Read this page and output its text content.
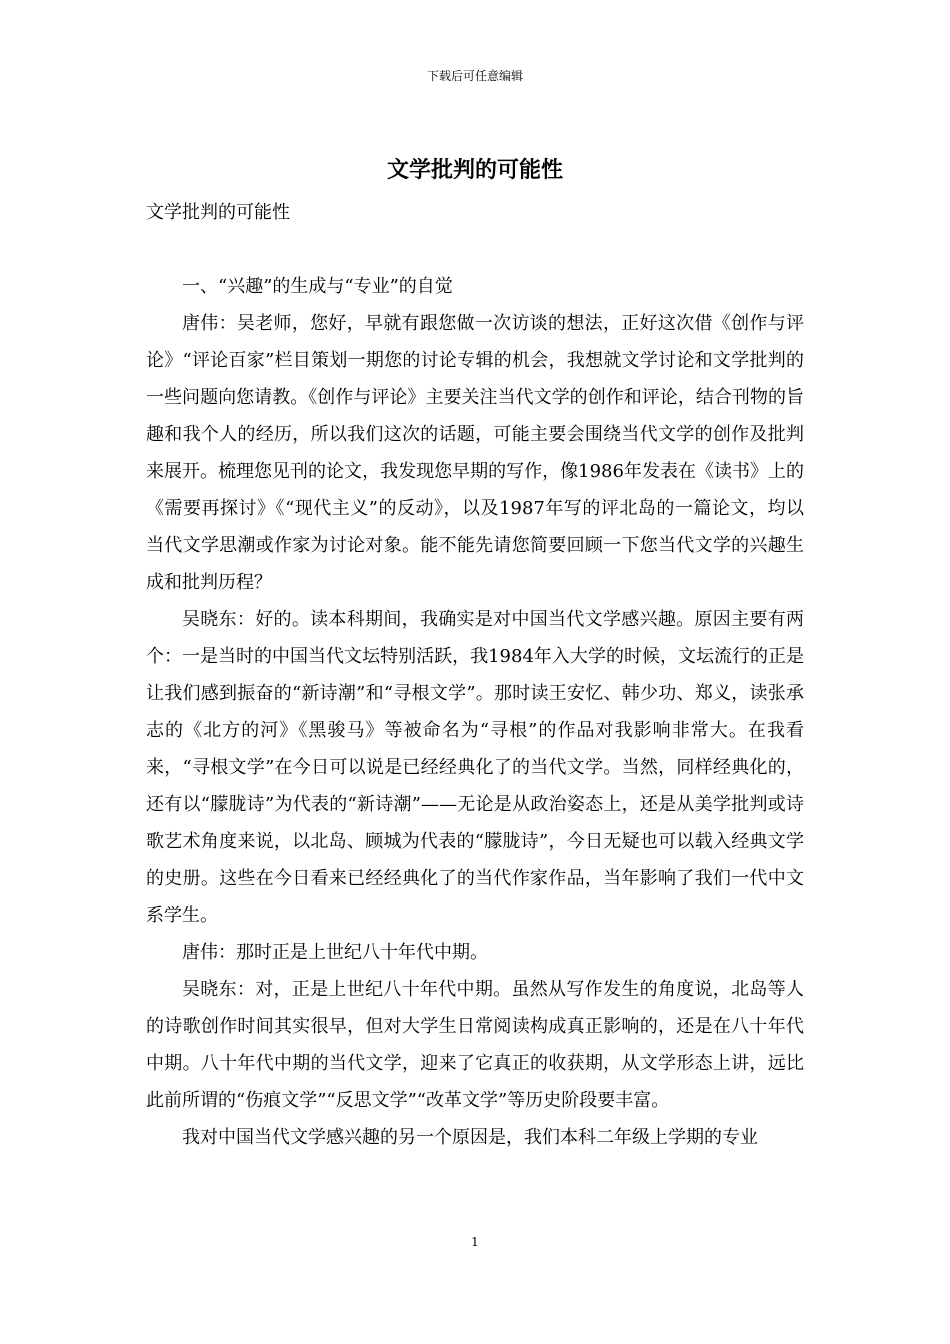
下载后可任意编辑
文学批判的可能性

文学批判的可能性

一、“兴趣”的生成与“专业”的自觉

唐伟：吴老师，您好，早就有跟您做一次访谈的想法，正好这次借《创作与评论》“评论百家”栏目策划一期您的讨论专辑的机会，我想就文学讨论和文学批判的一些问题向您请教。《创作与评论》主要关注当代文学的创作和评论，结合刊物的旨趣和我个人的经历，所以我们这次的话题，可能主要会围绕当代文学的创作及批判来展开。梳理您见刊的论文，我发现您早期的写作，像1986年发表在《读书》上的《需要再探讨》《“现代主义”的反动》，以及1987年写的评北岛的一篇论文，均以当代文学思潮或作家为讨论对象。能不能先请您简要回顾一下您当代文学的兴趣生成和批判历程？

吴晓东：好的。读本科期间，我确实是对中国当代文学感兴趣。原因主要有两个：一是当时的中国当代文坛特别活跃，我1984年入大学的时候，文坛流行的正是让我们感到振奋的“新诗潮”和“寻根文学”。那时读王安忆、韩少功、郑义，读张承志的《北方的河》《黑骏马》等被命名为“寻根”的作品对我影响非常大。在我看来，“寻根文学”在今日可以说是已经经典化了的当代文学。当然，同样经典化的，还有以“朦胧诗”为代表的“新诗潮”——无论是从政治姿态上，还是从美学批判或诗歌艺术角度来说，以北岛、顾城为代表的“朦胧诗”，今日无疑也可以载入经典文学的史册。这些在今日看来已经经典化了的当代作家作品，当年影响了我们一代中文系学生。

唐伟：那时正是上世纪八十年代中期。

吴晓东：对，正是上世纪八十年代中期。虽然从写作发生的角度说，北岛等人的诗歌创作时间其实很早，但对大学生日常阅读构成真正影响的，还是在八十年代中期。八十年代中期的当代文学，迎来了它真正的收获期，从文学形态上讲，远比此前所谓的“伤痕文学”“反思文学”“改革文学”等历史阶段要丰富。

我对中国当代文学感兴趣的另一个原因是，我们本科二年级上学期的专业

1
